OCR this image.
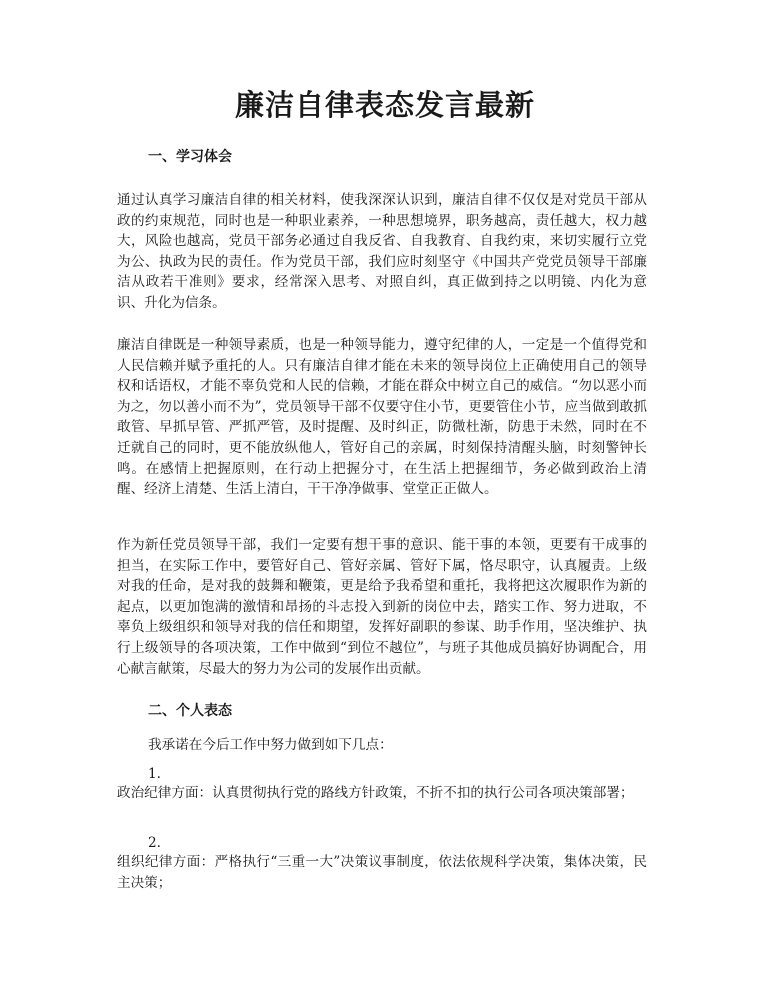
廉洁自律表态发言最新

一、学习体会

通过认真学习廉洁自律的相关材料，使我深深认识到，廉洁自律不仅仅是对党员干部从政的约束规范，同时也是一种职业素养，一种思想境界，职务越高，责任越大，权力越大，风险也越高，党员干部务必通过自我反省、自我教育、自我约束，来切实履行立党为公、执政为民的责任。作为党员干部，我们应时刻坚守《中国共产党党员领导干部廉洁从政若干准则》要求，经常深入思考、对照自纠，真正做到持之以明镜、内化为意识、升化为信条。

廉洁自律既是一种领导素质，也是一种领导能力，遵守纪律的人，一定是一个值得党和人民信赖并赋予重托的人。只有廉洁自律才能在未来的领导岗位上正确使用自己的领导权和话语权，才能不辜负党和人民的信赖，才能在群众中树立自己的威信。“勿以恶小而为之，勿以善小而不为”，党员领导干部不仅要守住小节，更要管住小节，应当做到敢抓敢管、早抓早管、严抓严管，及时提醒、及时纠正，防微杜渐，防患于未然，同时在不迁就自己的同时，更不能放纵他人，管好自己的亲属，时刻保持清醒头脑，时刻警钟长鸣。在感情上把握原则，在行动上把握分寸，在生活上把握细节，务必做到政治上清醒、经济上清楚、生活上清白，干干净净做事、堂堂正正做人。

作为新任党员领导干部，我们一定要有想干事的意识、能干事的本领，更要有干成事的担当，在实际工作中，要管好自己、管好亲属、管好下属，恪尽职守，认真履责。上级对我的任命，是对我的鼓舞和鞭策，更是给予我希望和重托，我将把这次履职作为新的起点，以更加饱满的激情和昂扬的斗志投入到新的岗位中去，踏实工作、努力进取，不辜负上级组织和领导对我的信任和期望，发挥好副职的参谋、助手作用，坚决维护、执行上级领导的各项决策，工作中做到“到位不越位”，与班子其他成员搞好协调配合，用心献言献策，尽最大的努力为公司的发展作出贡献。

二、个人表态

我承诺在今后工作中努力做到如下几点：

1.

政治纪律方面：认真贯彻执行党的路线方针政策，不折不扣的执行公司各项决策部署；

2.

组织纪律方面：严格执行“三重一大”决策议事制度，依法依规科学决策，集体决策，民主决策；
